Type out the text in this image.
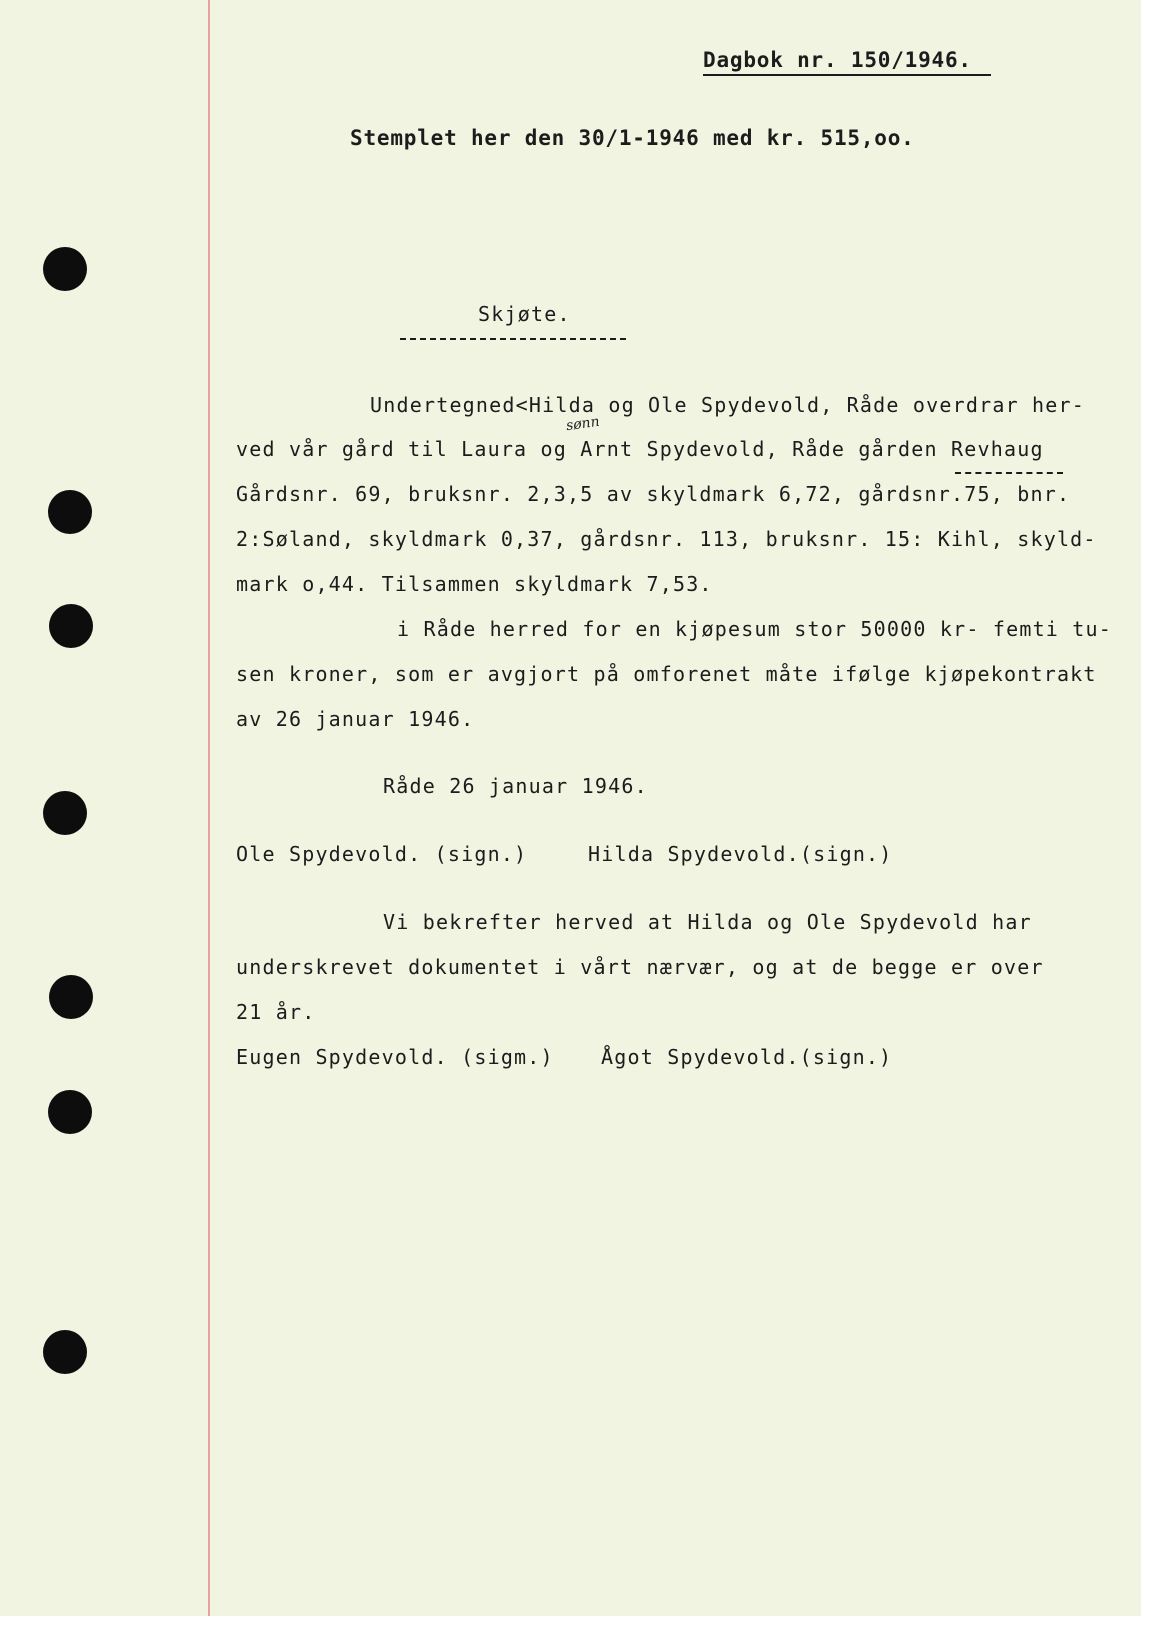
Dagbok nr. 150/1946.
Stemplet her den 30/1-1946 med kr. 515,oo.
Skjøte.
sønn
Undertegned<Hilda og Ole Spydevold, Råde overdrar her-
ved vår gård til Laura og Arnt Spydevold, Råde gården Revhaug
Gårdsnr. 69, bruksnr. 2,3,5 av skyldmark 6,72, gårdsnr.75, bnr.
2:Søland, skyldmark 0,37, gårdsnr. 113, bruksnr. 15: Kihl, skyld-
mark o,44. Tilsammen skyldmark 7,53.
i Råde herred for en kjøpesum stor 50000 kr- femti tu-
sen kroner, som er avgjort på omforenet måte ifølge kjøpekontrakt
av 26 januar 1946.
Råde 26 januar 1946.
Ole Spydevold. (sign.)	Hilda Spydevold.(sign.)
Vi bekrefter herved at Hilda og Ole Spydevold har
underskrevet dokumentet i vårt nærvær, og at de begge er over
21 år.
Eugen Spydevold. (sigm.) Ågot Spydevold.(sign.)
